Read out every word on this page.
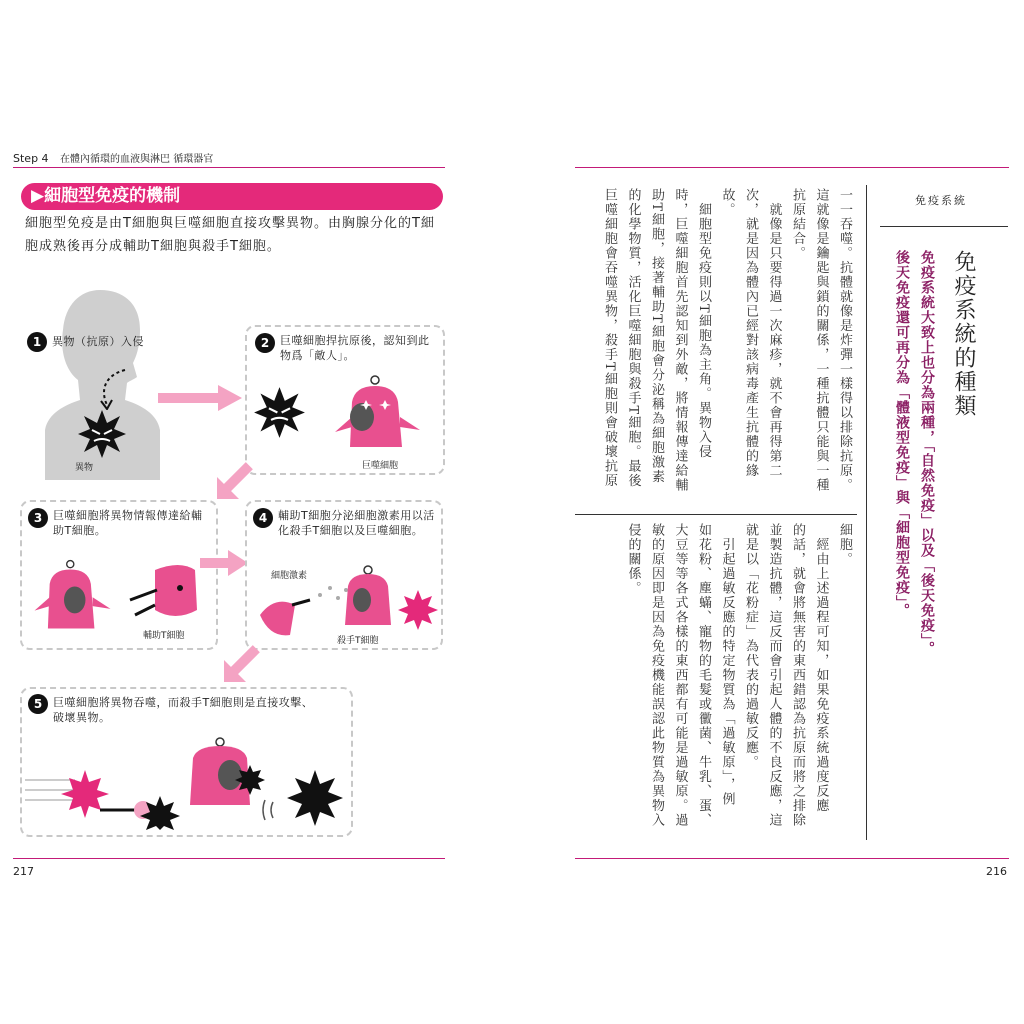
Step 4 在體內循環的血液與淋巴 循環器官
▶細胞型免疫的機制
細胞型免疫是由T細胞與巨噬細胞直接攻擊異物。由胸腺分化的T細胞成熟後再分成輔助T細胞與殺手T細胞。
1 異物（抗原）入侵
異物
2 巨噬細胞捍抗原後，認知到此物爲「敵人」。
巨噬細胞
3 巨噬細胞將異物情報傳達給輔助T細胞。
輔助T細胞
4 輔助T細胞分泌細胞激素用以活化殺手T細胞以及巨噬細胞。
細胞激素
殺手T細胞
5 巨噬細胞將異物吞噬，而殺手T細胞則是直接攻擊、破壞異物。
217
一一吞噬。抗體就像是炸彈一樣得以排除抗原。
這就像是鑰匙與鎖的關係，一種抗體只能與一種
抗原結合。
　就像是只要得過一次麻疹，就不會再得第二
次，就是因為體內已經對該病毒產生抗體的緣
故。
　細胞型免疫則以T細胞為主角。異物入侵
時，巨噬細胞首先認知到外敵，將情報傳達給輔
助T細胞，接著輔助T細胞會分泌稱為細胞激素
的化學物質，活化巨噬細胞與殺手T細胞。最後
巨噬細胞會吞噬異物，殺手T細胞則會破壞抗原
細胞。
　經由上述過程可知，如果免疫系統過度反應
的話，就會將無害的東西錯認為抗原而將之排除
並製造抗體，這反而會引起人體的不良反應，這
就是以「花粉症」為代表的過敏反應。
　引起過敏反應的特定物質為「過敏原」，例
如花粉、塵蟎、寵物的毛髮或黴菌、牛乳、蛋、
大豆等等各式各樣的東西都有可能是過敏原。過
敏的原因即是因為免疫機能誤認此物質為異物入
侵的關係。
免疫系統
免疫系統的種類
免疫系統大致上也分為兩種，「自然免疫」以及「後天免疫」。
後天免疫還可再分為「體液型免疫」與「細胞型免疫」。
216
